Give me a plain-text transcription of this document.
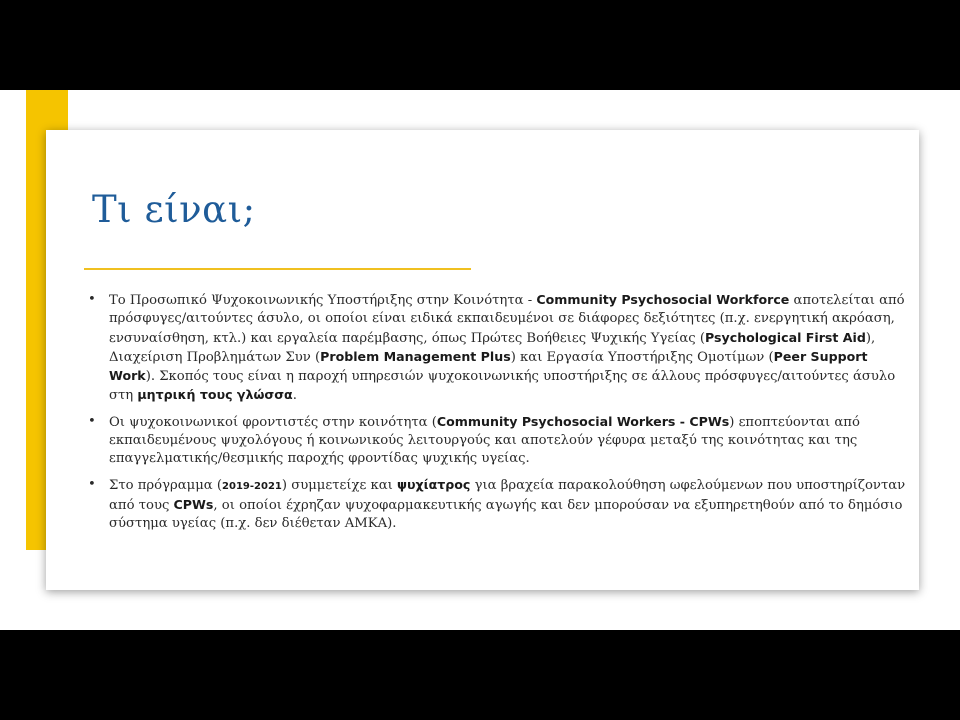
Τι είναι;
• Το Προσωπικό Ψυχοκοινωνικής Υποστήριξης στην Κοινότητα - Community Psychosocial Workforce αποτελείται από πρόσφυγες/αιτούντες άσυλο, οι οποίοι είναι ειδικά εκπαιδευμένοι σε διάφορες δεξιότητες (π.χ. ενεργητική ακρόαση, ενσυναίσθηση, κτλ.) και εργαλεία παρέμβασης, όπως Πρώτες Βοήθειες Ψυχικής Υγείας (Psychological First Aid), Διαχείριση Προβλημάτων Συν (Problem Management Plus) και Εργασία Υποστήριξης Ομοτίμων (Peer Support Work). Σκοπός τους είναι η παροχή υπηρεσιών ψυχοκοινωνικής υποστήριξης σε άλλους πρόσφυγες/αιτούντες άσυλο στη μητρική τους γλώσσα.
• Οι ψυχοκοινωνικοί φροντιστές στην κοινότητα (Community Psychosocial Workers - CPWs) εποπτεύονται από εκπαιδευμένους ψυχολόγους ή κοινωνικούς λειτουργούς και αποτελούν γέφυρα μεταξύ της κοινότητας και της επαγγελματικής/θεσμικής παροχής φροντίδας ψυχικής υγείας.
• Στο πρόγραμμα (2019-2021) συμμετείχε και ψυχίατρος για βραχεία παρακολούθηση ωφελούμενων που υποστηρίζονταν από τους CPWs, οι οποίοι έχρηζαν ψυχοφαρμακευτικής αγωγής και δεν μπορούσαν να εξυπηρετηθούν από το δημόσιο σύστημα υγείας (π.χ. δεν διέθεταν ΑΜΚΑ).
